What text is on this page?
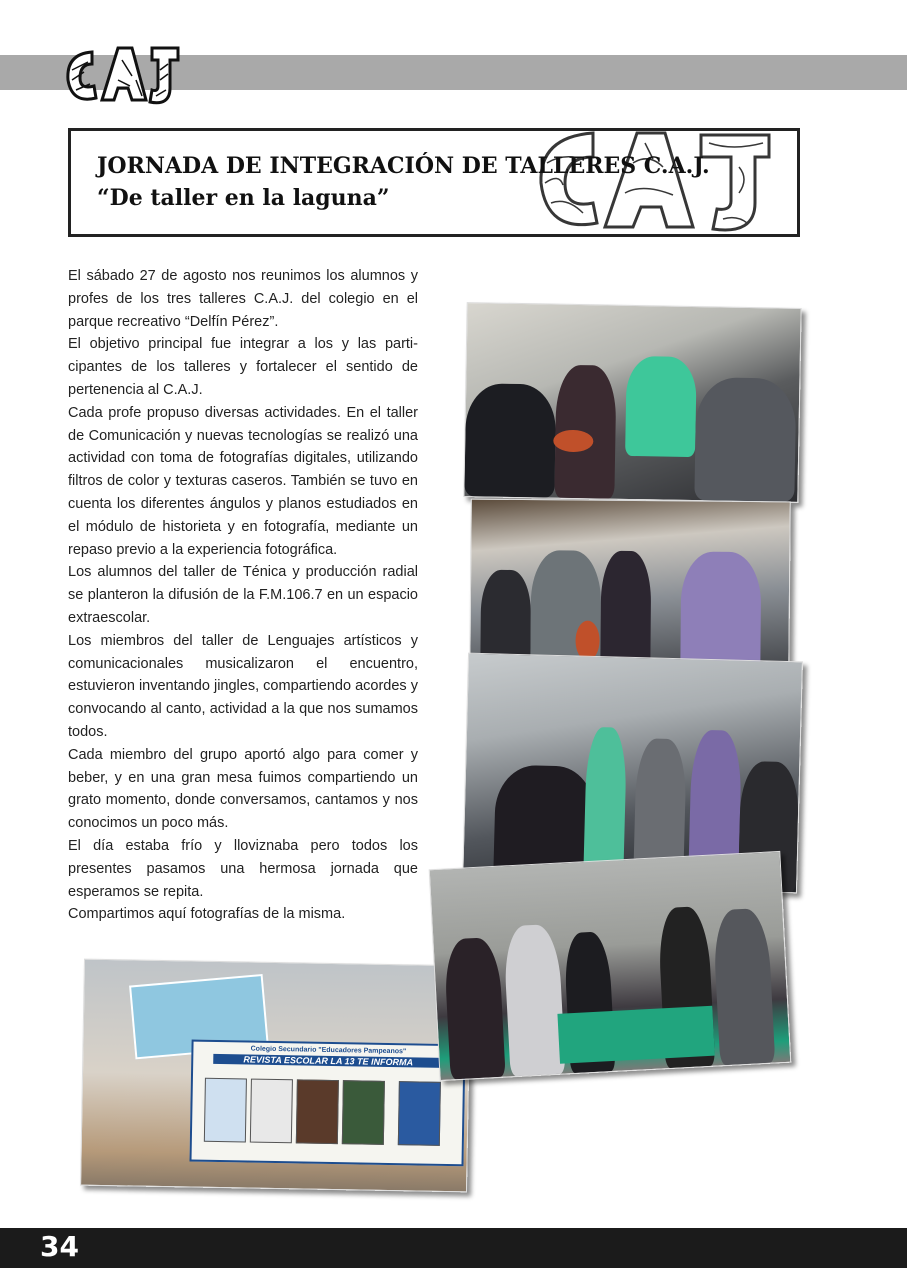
JORNADA DE INTEGRACIÓN DE TALLERES C.A.J.
“De taller en la laguna”

El sábado 27 de agosto nos reunimos los alumnos y profes de los tres talleres C.A.J. del colegio en el parque recreativo “Delfín Pérez”.

El objetivo principal fue integrar a los y las participantes de los talleres y fortalecer el sentido de pertenencia al C.A.J.

Cada profe propuso diversas actividades. En el taller de Comunicación y nuevas tecnologías se realizó una actividad con toma de fotografías digitales, utilizando filtros de color y texturas caseros. También se tuvo en cuenta los diferentes ángulos y planos estudiados en el módulo de historieta y en fotografía, mediante un repaso previo a la experiencia fotográfica.

Los alumnos del taller de Ténica y producción radial se planteron la difusión de la F.M.106.7 en un espacio extraescolar.

Los miembros del taller de Lenguajes artísticos y comunicacionales musicalizaron el encuentro, estuvieron inventando jingles, compartiendo acordes y convocando al canto, actividad a la que nos sumamos todos.

Cada miembro del grupo aportó algo para comer y beber, y en una gran mesa fuimos compartiendo un grato momento, donde conversamos, cantamos y nos conocimos un poco más.

El día estaba frío y lloviznaba pero todos los presentes pasamos una hermosa jornada que esperamos se repita.

Compartimos aquí fotografías de la misma.

Colegio Secundario "Educadores Pampeanos"
REVISTA ESCOLAR LA 13 TE INFORMA
34
